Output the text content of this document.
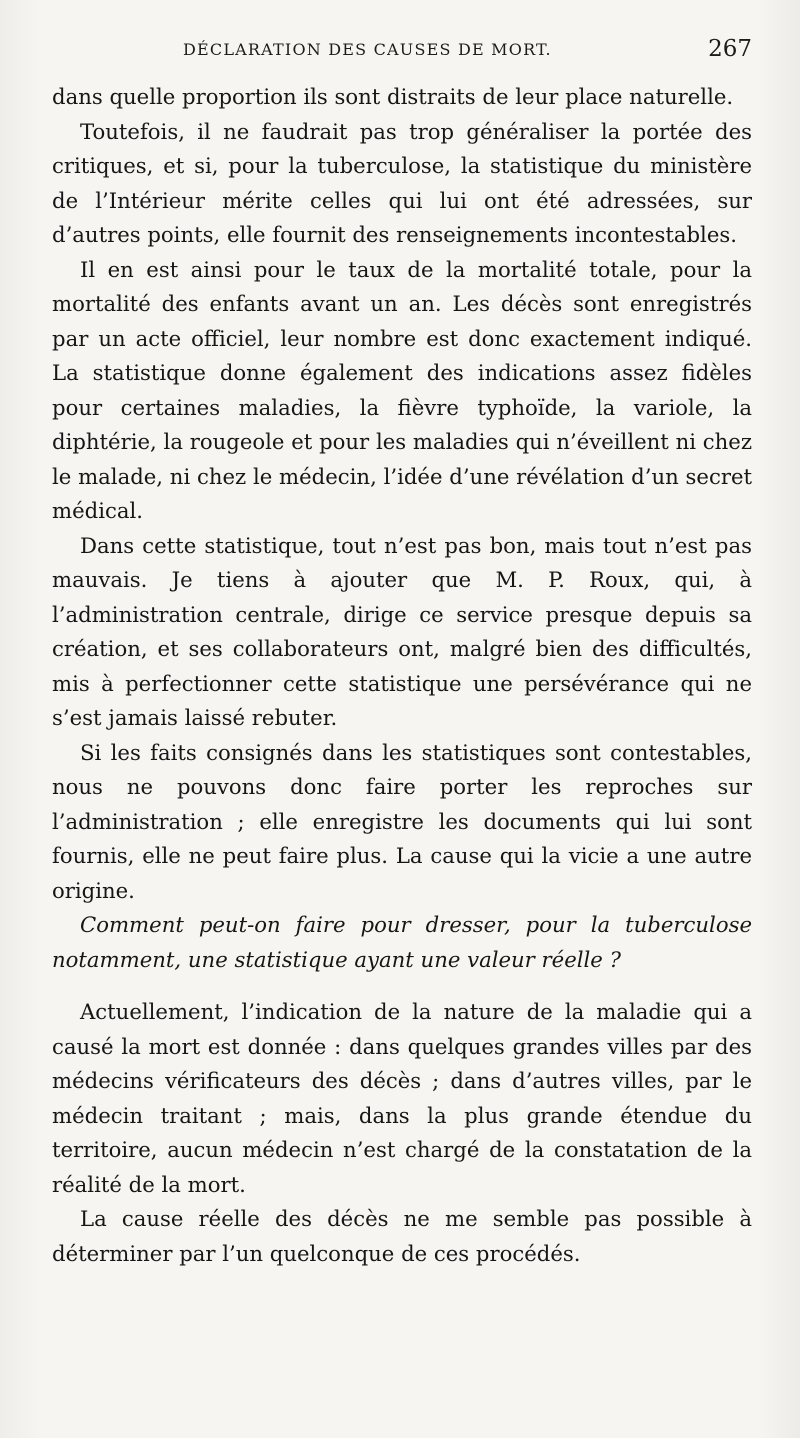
DÉCLARATION DES CAUSES DE MORT.	267

dans quelle proportion ils sont distraits de leur place naturelle.

Toutefois, il ne faudrait pas trop généraliser la portée des critiques, et si, pour la tuberculose, la statistique du ministère de l’Intérieur mérite celles qui lui ont été adressées, sur d’autres points, elle fournit des renseignements incontestables.

Il en est ainsi pour le taux de la mortalité totale, pour la mortalité des enfants avant un an. Les décès sont enregistrés par un acte officiel, leur nombre est donc exactement indiqué. La statistique donne également des indications assez fidèles pour certaines maladies, la fièvre typhoïde, la variole, la diphtérie, la rougeole et pour les maladies qui n’éveillent ni chez le malade, ni chez le médecin, l’idée d’une révélation d’un secret médical.

Dans cette statistique, tout n’est pas bon, mais tout n’est pas mauvais. Je tiens à ajouter que M. P. Roux, qui, à l’administration centrale, dirige ce service presque depuis sa création, et ses collaborateurs ont, malgré bien des difficultés, mis à perfectionner cette statistique une persévérance qui ne s’est jamais laissé rebuter.

Si les faits consignés dans les statistiques sont contestables, nous ne pouvons donc faire porter les reproches sur l’administration ; elle enregistre les documents qui lui sont fournis, elle ne peut faire plus. La cause qui la vicie a une autre origine.

Comment peut-on faire pour dresser, pour la tuberculose notamment, une statistique ayant une valeur réelle ?

Actuellement, l’indication de la nature de la maladie qui a causé la mort est donnée : dans quelques grandes villes par des médecins vérificateurs des décès ; dans d’autres villes, par le médecin traitant ; mais, dans la plus grande étendue du territoire, aucun médecin n’est chargé de la constatation de la réalité de la mort.

La cause réelle des décès ne me semble pas possible à déterminer par l’un quelconque de ces procédés.
